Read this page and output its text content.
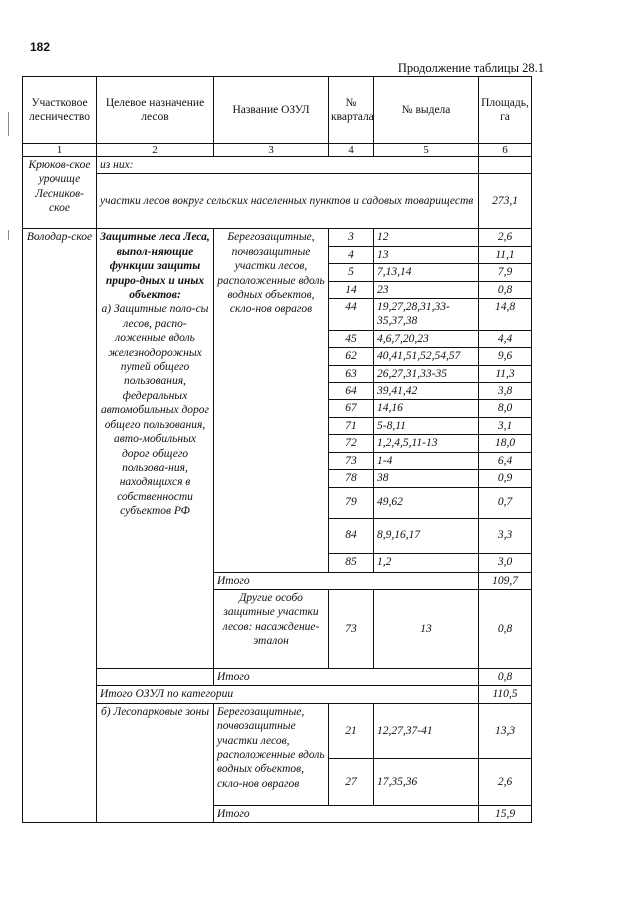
182
Продолжение таблицы 28.1
Участковое лесничество	Целевое назначение лесов	Название ОЗУЛ	№ квартала	№ выдела	Площадь, га
1	2	3	4	5	6
Крюков-ское урочище Лесников-ское	из них:				
	участки лесов вокруг сельских населенных пунктов и садовых товариществ				273,1
Володар-ское	Защитные леса Леса, выпол-няющие функции защиты приро-дных и иных объектов:
а) Защитные поло-сы лесов, распо-ложенные вдоль железнодорожных путей общего пользования, федеральных автомобильных дорог общего пользования, авто-мобильных дорог общего пользова-ния, находящихся в собственности субъектов РФ	Берегозащитные, почвозащитные участки лесов, расположенные вдоль водных объектов, скло-нов оврагов	3	12	2,6
			4	13	11,1
			5	7,13,14	7,9
			14	23	0,8
			44	19,27,28,31,33-35,37,38	14,8
			45	4,6,7,20,23	4,4
			62	40,41,51,52,54,57	9,6
			63	26,27,31,33-35	11,3
			64	39,41,42	3,8
			67	14,16	8,0
			71	5-8,11	3,1
			72	1,2,4,5,11-13	18,0
			73	1-4	6,4
			78	38	0,9
			79	49,62	0,7
			84	8,9,16,17	3,3
			85	1,2	3,0
		Итого			109,7
		Другие особо защитные участки лесов: насаждение-эталон	73	13	0,8
		Итого			0,8
	Итого ОЗУЛ по категории				110,5
	б) Лесопарковые зоны	Берегозащитные, почвозащитные участки лесов, расположенные вдоль водных объектов, скло-нов оврагов	21	12,27,37-41	13,3
			27	17,35,36	2,6
		Итого			15,9
